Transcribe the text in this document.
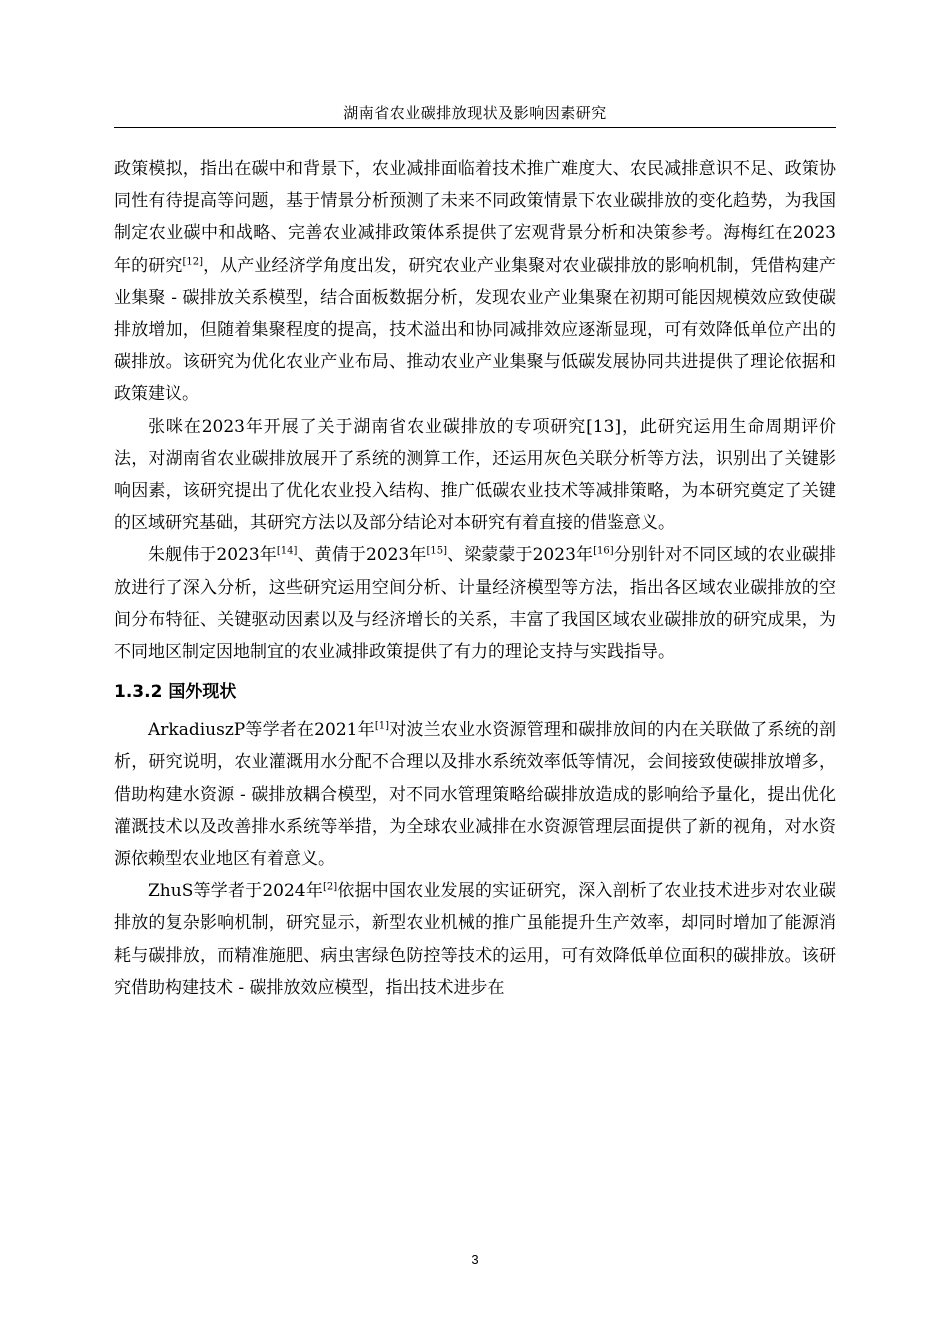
湖南省农业碳排放现状及影响因素研究

政策模拟，指出在碳中和背景下，农业减排面临着技术推广难度大、农民减排意识不足、政策协同性有待提高等问题，基于情景分析预测了未来不同政策情景下农业碳排放的变化趋势，为我国制定农业碳中和战略、完善农业减排政策体系提供了宏观背景分析和决策参考。海梅红在2023年的研究[12]，从产业经济学角度出发，研究农业产业集聚对农业碳排放的影响机制，凭借构建产业集聚 - 碳排放关系模型，结合面板数据分析，发现农业产业集聚在初期可能因规模效应致使碳排放增加，但随着集聚程度的提高，技术溢出和协同减排效应逐渐显现，可有效降低单位产出的碳排放。该研究为优化农业产业布局、推动农业产业集聚与低碳发展协同共进提供了理论依据和政策建议。

张咪在2023年开展了关于湖南省农业碳排放的专项研究[13]，此研究运用生命周期评价法，对湖南省农业碳排放展开了系统的测算工作，还运用灰色关联分析等方法，识别出了关键影响因素，该研究提出了优化农业投入结构、推广低碳农业技术等减排策略，为本研究奠定了关键的区域研究基础，其研究方法以及部分结论对本研究有着直接的借鉴意义。

朱舰伟于2023年[14]、黄倩于2023年[15]、梁蒙蒙于2023年[16]分别针对不同区域的农业碳排放进行了深入分析，这些研究运用空间分析、计量经济模型等方法，指出各区域农业碳排放的空间分布特征、关键驱动因素以及与经济增长的关系，丰富了我国区域农业碳排放的研究成果，为不同地区制定因地制宜的农业减排政策提供了有力的理论支持与实践指导。

1.3.2 国外现状

ArkadiuszP等学者在2021年[1]对波兰农业水资源管理和碳排放间的内在关联做了系统的剖析，研究说明，农业灌溉用水分配不合理以及排水系统效率低等情况，会间接致使碳排放增多，借助构建水资源 - 碳排放耦合模型，对不同水管理策略给碳排放造成的影响给予量化，提出优化灌溉技术以及改善排水系统等举措，为全球农业减排在水资源管理层面提供了新的视角，对水资源依赖型农业地区有着意义。

ZhuS等学者于2024年[2]依据中国农业发展的实证研究，深入剖析了农业技术进步对农业碳排放的复杂影响机制，研究显示，新型农业机械的推广虽能提升生产效率，却同时增加了能源消耗与碳排放，而精准施肥、病虫害绿色防控等技术的运用，可有效降低单位面积的碳排放。该研究借助构建技术 - 碳排放效应模型，指出技术进步在

3
